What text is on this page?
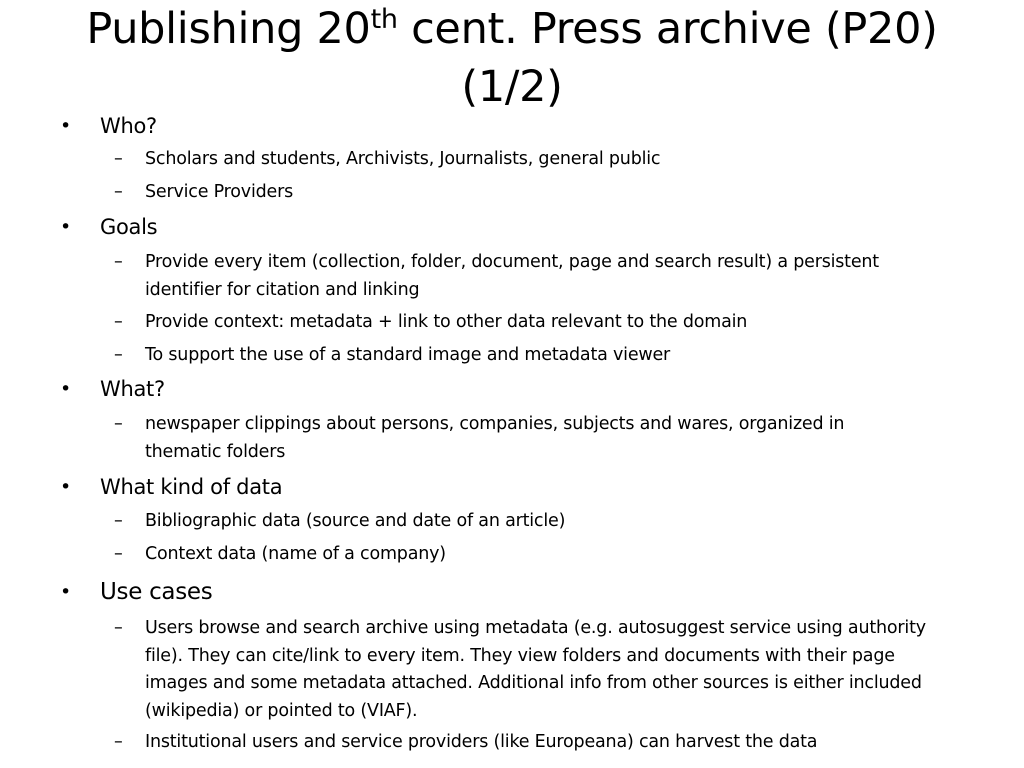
Publishing 20th cent. Press archive (P20)
(1/2)

• Who?

– Scholars and students, Archivists, Journalists, general public

– Service Providers

• Goals

– Provide every item (collection, folder, document, page and search result) a persistent identifier for citation and linking

– Provide context: metadata + link to other data relevant to the domain

– To support the use of a standard image and metadata viewer

• What?

– newspaper clippings about persons, companies, subjects and wares, organized in thematic folders

• What kind of data

– Bibliographic data (source and date of an article)

– Context data (name of a company)

• Use cases

– Users browse and search archive using metadata (e.g. autosuggest service using authority file). They can cite/link to every item. They view folders and documents with their page images and some metadata attached. Additional info from other sources is either included (wikipedia) or pointed to (VIAF).

– Institutional users and service providers (like Europeana) can harvest the data
